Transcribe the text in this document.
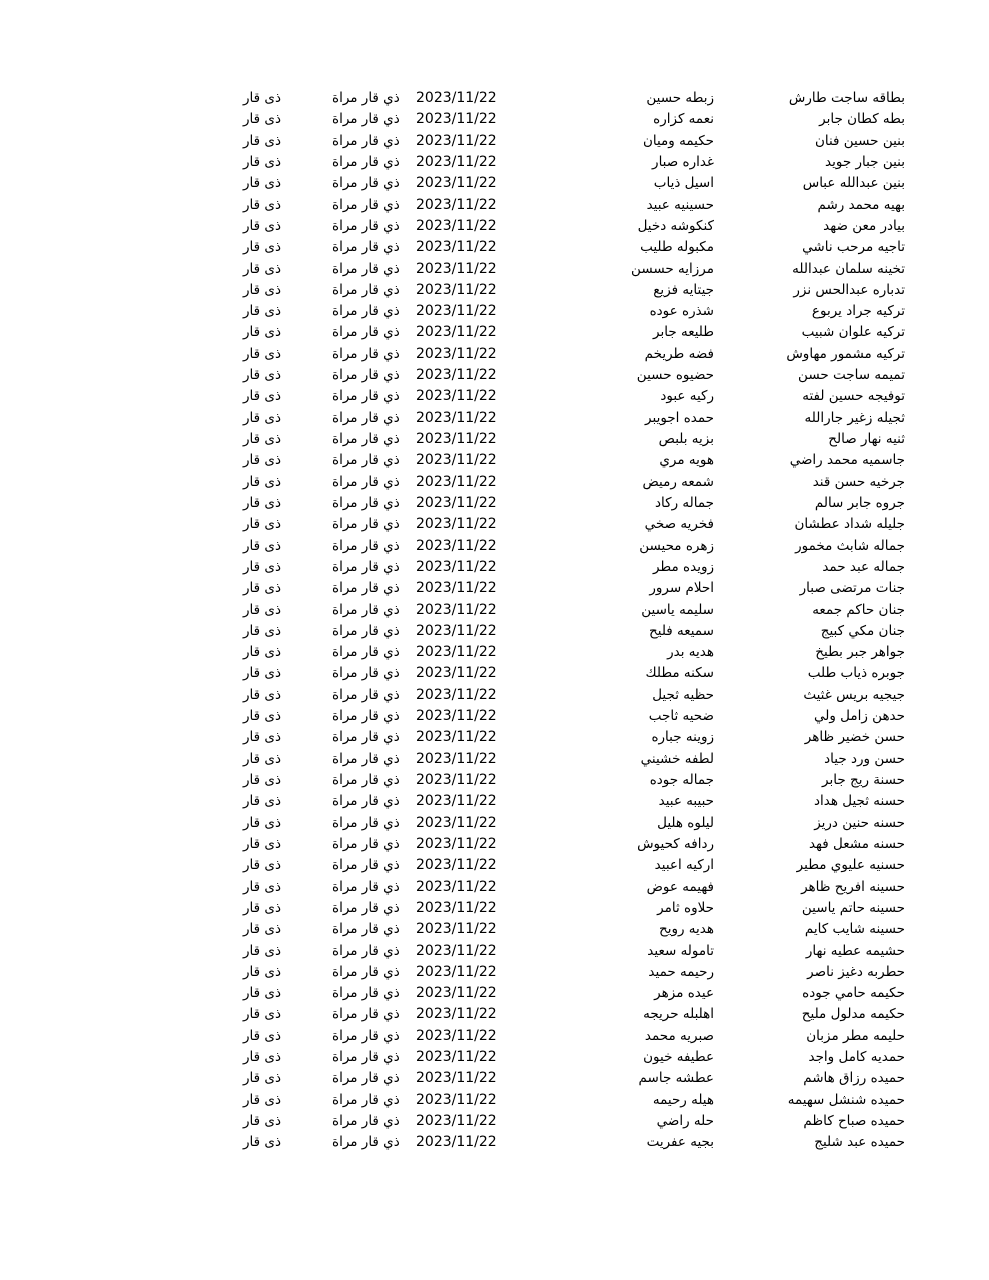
بطاقه ساجت طارش
زبطه حسين
2023/11/22
ذي قار مراة
ذى قار
بطه كطان جابر
نعمه كزاره
2023/11/22
ذي قار مراة
ذى قار
بنين حسين فنان
حكيمه وميان
2023/11/22
ذي قار مراة
ذى قار
بنين جبار جويد
غداره صبار
2023/11/22
ذي قار مراة
ذى قار
بنين عبدالله عباس
اسيل ذياب
2023/11/22
ذي قار مراة
ذى قار
بهيه محمد رشم
حسينيه عبيد
2023/11/22
ذي قار مراة
ذى قار
بيادر معن ضهد
كنكوشه دخيل
2023/11/22
ذي قار مراة
ذى قار
تاجيه مرحب ناشي
مكبوله طليب
2023/11/22
ذي قار مراة
ذى قار
تخينه سلمان عبدالله
مرزايه حسسن
2023/11/22
ذي قار مراة
ذى قار
تدباره عبدالحس نزر
جيتايه فزيع
2023/11/22
ذي قار مراة
ذى قار
تركيه جراد يربوع
شذره عوده
2023/11/22
ذي قار مراة
ذى قار
تركيه علوان شبيب
طليعه جابر
2023/11/22
ذي قار مراة
ذى قار
تركيه مشمور مهاوش
فضه طريخم
2023/11/22
ذي قار مراة
ذى قار
تميمه ساجت حسن
حضيوه حسين
2023/11/22
ذي قار مراة
ذى قار
توفيجه حسين لفته
ركيه عبود
2023/11/22
ذي قار مراة
ذى قار
ثجيله زغير جارالله
حمده اجويبر
2023/11/22
ذي قار مراة
ذى قار
ثنيه نهار صالح
بزيه بلبص
2023/11/22
ذي قار مراة
ذى قار
جاسميه محمد راضي
هويه مري
2023/11/22
ذي قار مراة
ذى قار
جرخيه حسن قند
شمعه رميض
2023/11/22
ذي قار مراة
ذى قار
جروه جابر سالم
جماله ركاد
2023/11/22
ذي قار مراة
ذى قار
جليله شداد عطشان
فخريه صخي
2023/11/22
ذي قار مراة
ذى قار
جماله شابث مخمور
زهره محيسن
2023/11/22
ذي قار مراة
ذى قار
جماله عبد حمد
زويده مطر
2023/11/22
ذي قار مراة
ذى قار
جنات مرتضى صبار
احلام سرور
2023/11/22
ذي قار مراة
ذى قار
جنان حاكم جمعه
سليمه ياسين
2023/11/22
ذي قار مراة
ذى قار
جنان مكي كبيج
سميعه فليح
2023/11/22
ذي قار مراة
ذى قار
جواهر جبر بطيخ
هديه بدر
2023/11/22
ذي قار مراة
ذى قار
جوبره ذياب طلب
سكنه مطلك
2023/11/22
ذي قار مراة
ذى قار
جيجيه بريس غثيث
حظيه ثجيل
2023/11/22
ذي قار مراة
ذى قار
حدهن زامل ولي
ضحيه ثاجب
2023/11/22
ذي قار مراة
ذى قار
حسن خضير ظاهر
زوينه جباره
2023/11/22
ذي قار مراة
ذى قار
حسن ورد جياد
لطفه خشيني
2023/11/22
ذي قار مراة
ذى قار
حسنة ريج جابر
جماله جوده
2023/11/22
ذي قار مراة
ذى قار
حسنه ثجيل هداد
حبيبه عبيد
2023/11/22
ذي قار مراة
ذى قار
حسنه حنين دريز
ليلوه هليل
2023/11/22
ذي قار مراة
ذى قار
حسنه مشعل فهد
ردافه كحيوش
2023/11/22
ذي قار مراة
ذى قار
حسنيه عليوي مطير
اركيه اعبيد
2023/11/22
ذي قار مراة
ذى قار
حسينه افريح ظاهر
فهيمه عوض
2023/11/22
ذي قار مراة
ذى قار
حسينه حاتم ياسين
حلاوه ثامر
2023/11/22
ذي قار مراة
ذى قار
حسينه شايب كايم
هديه رويح
2023/11/22
ذي قار مراة
ذى قار
حشيمه عطيه نهار
تاموله سعيد
2023/11/22
ذي قار مراة
ذى قار
حطربه دغيز ناصر
رحيمه حميد
2023/11/22
ذي قار مراة
ذى قار
حكيمه حامي جوده
عيده مزهر
2023/11/22
ذي قار مراة
ذى قار
حكيمه مدلول مليح
اهلبله حريجه
2023/11/22
ذي قار مراة
ذى قار
حليمه مطر مزبان
صبريه محمد
2023/11/22
ذي قار مراة
ذى قار
حمديه كامل واجد
عطيفه خيون
2023/11/22
ذي قار مراة
ذى قار
حميده رزاق هاشم
عطشه جاسم
2023/11/22
ذي قار مراة
ذى قار
حميده شنشل سهيمه
هيله رحيمه
2023/11/22
ذي قار مراة
ذى قار
حميده صباح كاظم
حله راضي
2023/11/22
ذي قار مراة
ذى قار
حميده عبد شليج
بجيه عفريت
2023/11/22
ذي قار مراة
ذى قار
